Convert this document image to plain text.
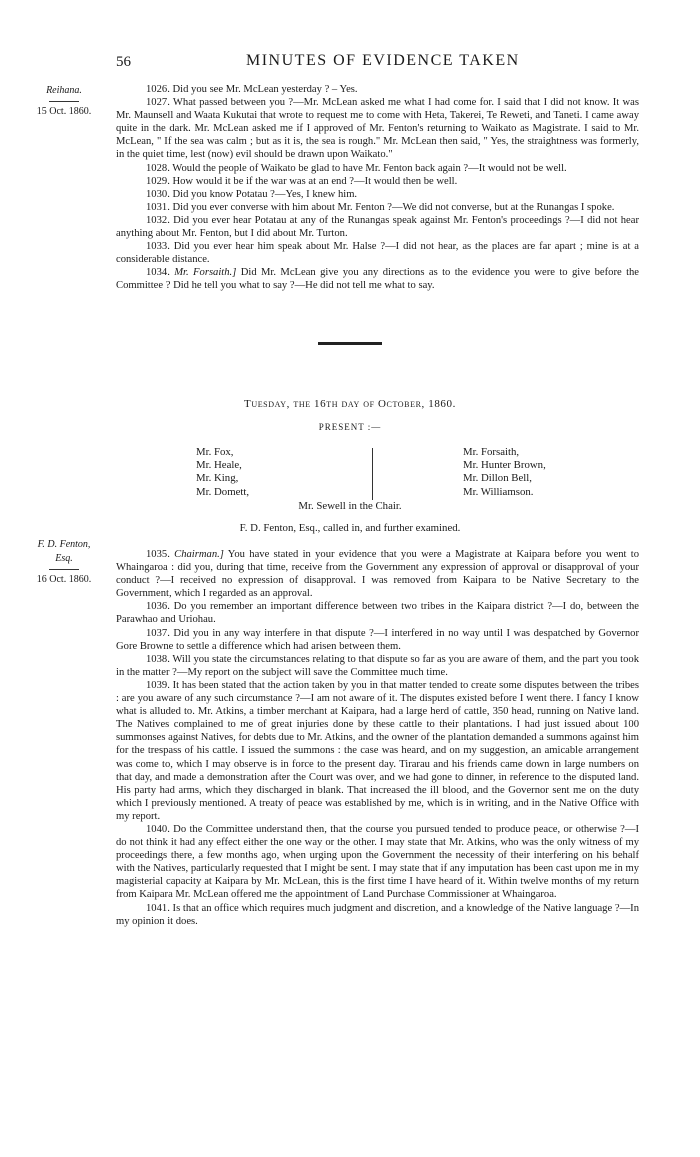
56	MINUTES OF EVIDENCE TAKEN
Reihana.
15 Oct. 1860.

1026. Did you see Mr. McLean yesterday ? – Yes.

1027. What passed between you ?—Mr. McLean asked me what I had come for. I said that I did not know. It was Mr. Maunsell and Waata Kukutai that wrote to request me to come with Heta, Takerei, Te Reweti, and Taneti. I came away quite in the dark. Mr. McLean asked me if I approved of Mr. Fenton's returning to Waikato as Magistrate. I said to Mr. McLean, " If the sea was calm ; but as it is, the sea is rough." Mr. McLean then said, " Yes, the straightness was formerly, in the quiet time, lest (now) evil should be drawn upon Waikato."

1028. Would the people of Waikato be glad to have Mr. Fenton back again ?—It would not be well.

1029. How would it be if the war was at an end ?—It would then be well.

1030. Did you know Potatau ?—Yes, I knew him.

1031. Did you ever converse with him about Mr. Fenton ?—We did not converse, but at the Runangas I spoke.

1032. Did you ever hear Potatau at any of the Runangas speak against Mr. Fenton's proceedings ?—I did not hear anything about Mr. Fenton, but I did about Mr. Turton.

1033. Did you ever hear him speak about Mr. Halse ?—I did not hear, as the places are far apart ; mine is at a considerable distance.

1034. Mr. Forsaith.] Did Mr. McLean give you any directions as to the evidence you were to give before the Committee ? Did he tell you what to say ?—He did not tell me what to say.

Tuesday, the 16th day of October, 1860.
PRESENT :—
Mr. Fox,
Mr. Heale,
Mr. King,
Mr. Domett,
Mr. Forsaith,
Mr. Hunter Brown,
Mr. Dillon Bell,
Mr. Williamson.
Mr. Sewell in the Chair.
F. D. Fenton, Esq., called in, and further examined.
F. D. Fenton, Esq.
16 Oct. 1860.

1035. Chairman.] You have stated in your evidence that you were a Magistrate at Kaipara before you went to Whaingaroa : did you, during that time, receive from the Government any expression of approval or disapproval of your conduct ?—I received no expression of disapproval. I was removed from Kaipara to be Native Secretary to the Government, which I regarded as an approval.

1036. Do you remember an important difference between two tribes in the Kaipara district ?—I do, between the Parawhao and Uriohau.

1037. Did you in any way interfere in that dispute ?—I interfered in no way until I was despatched by Governor Gore Browne to settle a difference which had arisen between them.

1038. Will you state the circumstances relating to that dispute so far as you are aware of them, and the part you took in the matter ?—My report on the subject will save the Committee much time.

1039. It has been stated that the action taken by you in that matter tended to create some disputes between the tribes : are you aware of any such circumstance ?—I am not aware of it. The disputes existed before I went there. I fancy I know what is alluded to. Mr. Atkins, a timber merchant at Kaipara, had a large herd of cattle, 350 head, running on Native land. The Natives complained to me of great injuries done by these cattle to their plantations. I had just issued about 100 summonses against Natives, for debts due to Mr. Atkins, and the owner of the plantation demanded a summons against him for the trespass of his cattle. I issued the summons : the case was heard, and on my suggestion, an amicable arrangement was come to, which I may observe is in force to the present day. Tirarau and his friends came down in large numbers on that day, and made a demonstration after the Court was over, and we had gone to dinner, in reference to the disputed land. His party had arms, which they discharged in blank. That increased the ill blood, and the Governor sent me on the duty which I previously mentioned. A treaty of peace was established by me, which is in writing, and in the Native Office with my report.

1040. Do the Committee understand then, that the course you pursued tended to produce peace, or otherwise ?—I do not think it had any effect either the one way or the other. I may state that Mr. Atkins, who was the only witness of my proceedings there, a few months ago, when urging upon the Government the necessity of their interfering on his behalf with the Natives, particularly requested that I might be sent. I may state that if any imputation has been cast upon me in my magisterial capacity at Kaipara by Mr. McLean, this is the first time I have heard of it. Within twelve months of my return from Kaipara Mr. McLean offered me the appointment of Land Purchase Commissioner at Whaingaroa.

1041. Is that an office which requires much judgment and discretion, and a knowledge of the Native language ?—In my opinion it does.
